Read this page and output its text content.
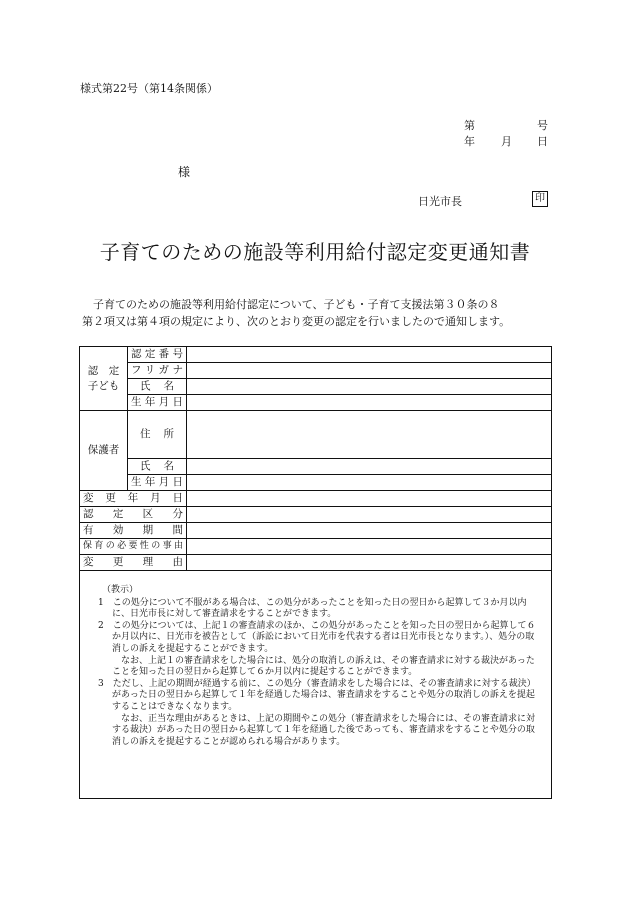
様式第22号（第14条関係）
第	号
年 月 日
様
日光市長	印
子育てのための施設等利用給付認定変更通知書

子育てのための施設等利用給付認定について、子ども・子育て支援法第３０条の８

第２項又は第４項の規定により、次のとおり変更の認定を行いましたので通知します。

認　定
子ども	認定番号	
	フリガナ	
	氏名	
	生年月日	
保護者	住所	
	氏名	
	生年月日	
変更年月日		
認定区分		
有効期間		
保育の必要性の事由		
変更理由		

（教示）

1　この処分について不服がある場合は、この処分があったことを知った日の翌日から起算して３か月以内に、日光市長に対して審査請求をすることができます。

2　この処分については、上記１の審査請求のほか、この処分があったことを知った日の翌日から起算して６か月以内に、日光市を被告として（訴訟において日光市を代表する者は日光市長となります。）、処分の取消しの訴えを提起することができます。

なお、上記１の審査請求をした場合には、処分の取消しの訴えは、その審査請求に対する裁決があったことを知った日の翌日から起算して６か月以内に提起することができます。

3　ただし、上記の期間が経過する前に、この処分（審査請求をした場合には、その審査請求に対する裁決）があった日の翌日から起算して１年を経過した場合は、審査請求をすることや処分の取消しの訴えを提起することはできなくなります。

なお、正当な理由があるときは、上記の期間やこの処分（審査請求をした場合には、その審査請求に対する裁決）があった日の翌日から起算して１年を経過した後であっても、審査請求をすることや処分の取消しの訴えを提起することが認められる場合があります。
